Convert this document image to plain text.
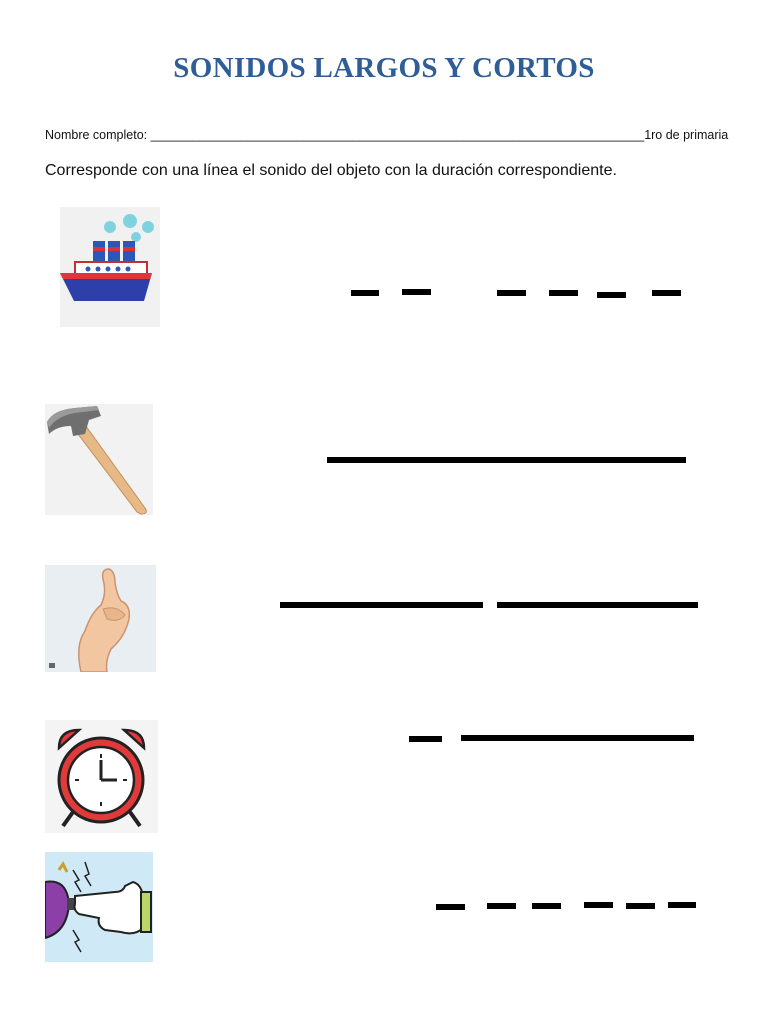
SONIDOS LARGOS Y CORTOS
Nombre completo: _______________________________________________________________________1ro de primaria
Corresponde con una línea el sonido del objeto con la duración correspondiente.
